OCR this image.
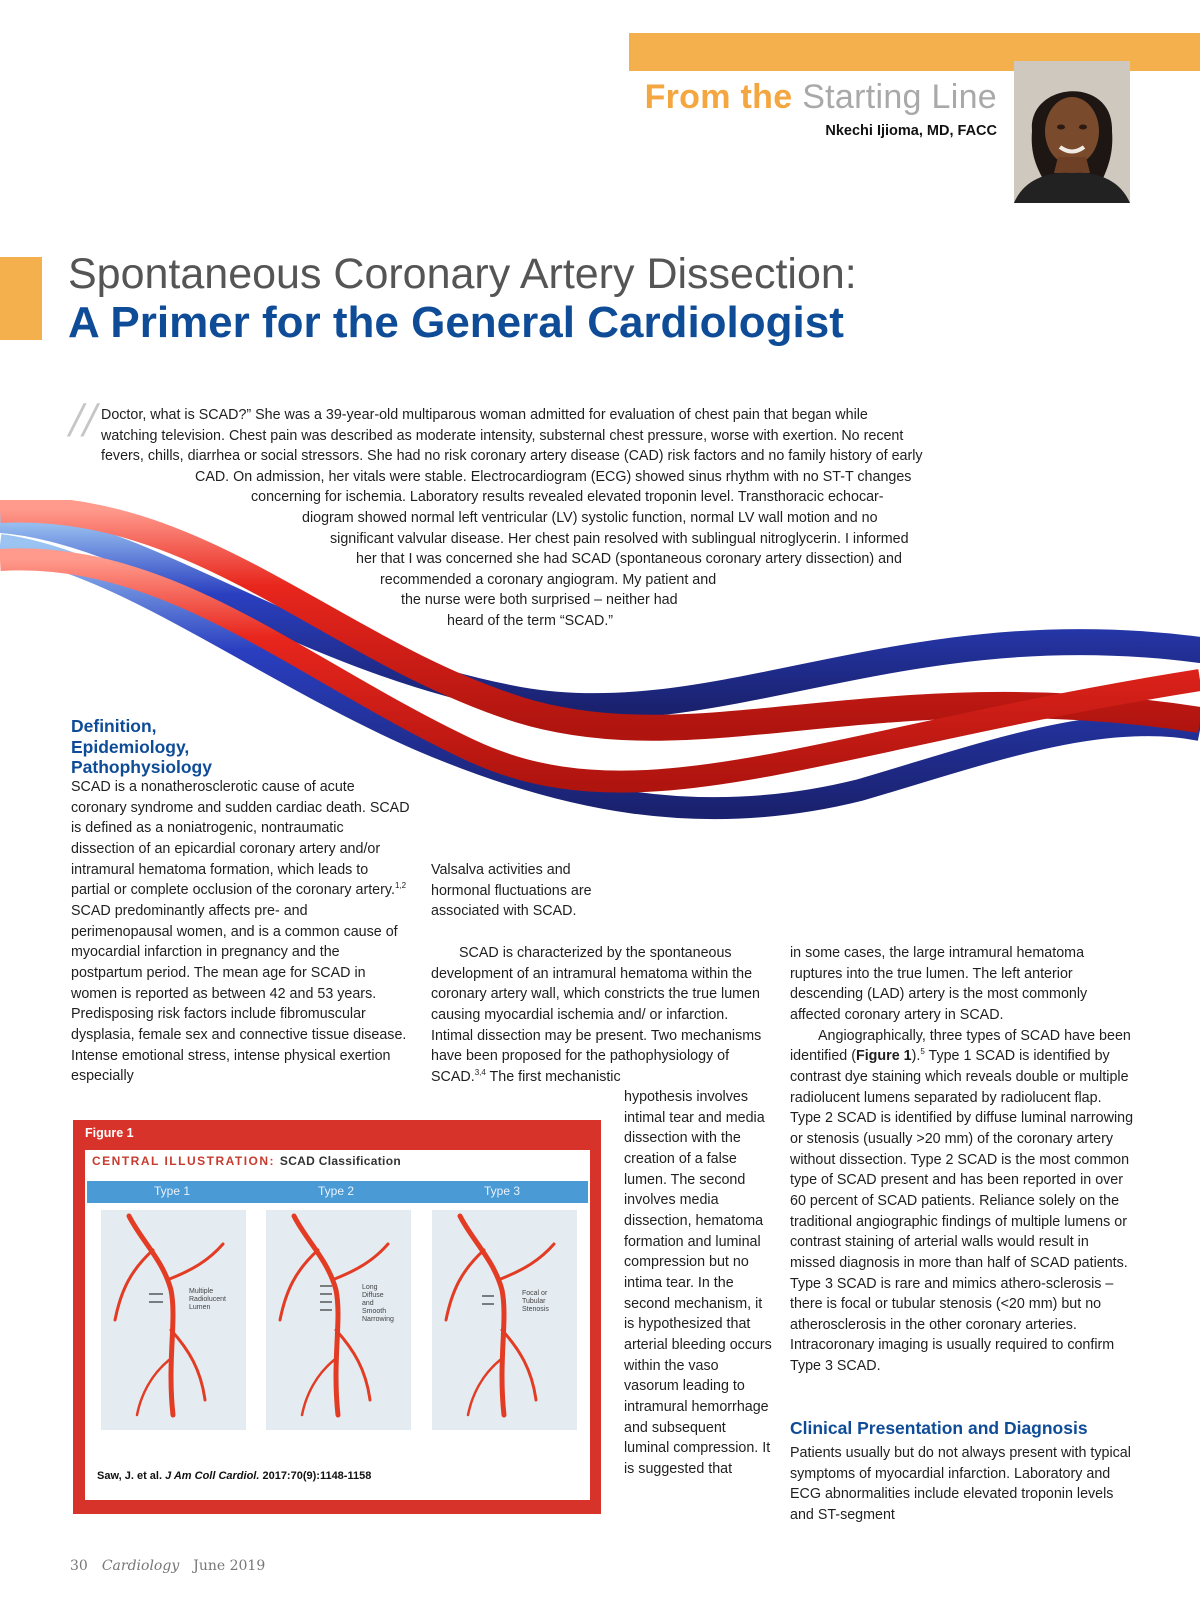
From the Starting Line
Nkechi Ijioma, MD, FACC
Spontaneous Coronary Artery Dissection:
A Primer for the General Cardiologist
// Doctor, what is SCAD?” She was a 39-year-old multiparous woman admitted for evaluation of chest pain that began while
watching television. Chest pain was described as moderate intensity, substernal chest pressure, worse with exertion. No recent
fevers, chills, diarrhea or social stressors. She had no risk coronary artery disease (CAD) risk factors and no family history of early
CAD. On admission, her vitals were stable. Electrocardiogram (ECG) showed sinus rhythm with no ST-T changes
concerning for ischemia. Laboratory results revealed elevated troponin level. Transthoracic echocar-
diogram showed normal left ventricular (LV) systolic function, normal LV wall motion and no
significant valvular disease. Her chest pain resolved with sublingual nitroglycerin. I informed
her that I was concerned she had SCAD (spontaneous coronary artery dissection) and
recommended a coronary angiogram. My patient and
the nurse were both surprised – neither had
heard of the term “SCAD.”
Definition,
Epidemiology,
Pathophysiology

SCAD is a nonatherosclerotic cause of acute coronary syndrome and sudden cardiac death. SCAD is defined as a noniatrogenic, nontraumatic dissection of an epicardial coronary artery and/or intramural hematoma formation, which leads to partial or complete occlusion of the coronary artery.$^{1,2}$ SCAD predominantly affects pre- and perimenopausal women, and is a common cause of myocardial infarction in pregnancy and the postpartum period. The mean age for SCAD in women is reported as between 42 and 53 years. Predisposing risk factors include fibromuscular dysplasia, female sex and connective tissue disease. Intense emotional stress, intense physical exertion especially

Valsalva activities and hormonal fluctuations are associated with SCAD.

SCAD is characterized by the spontaneous development of an intramural hematoma within the coronary artery wall, which constricts the true lumen causing myocardial ischemia and/ or infarction. Intimal dissection may be present. Two mechanisms have been proposed for the pathophysiology of SCAD.$^{3,4}$ The first mechanistic

hypothesis involves intimal tear and media dissection with the creation of a false lumen. The second involves media dissection, hematoma formation and luminal compression but no intima tear. In the second mechanism, it is hypothesized that arterial bleeding occurs within the vaso vasorum leading to intramural hemorrhage and subsequent luminal compression. It is suggested that

in some cases, the large intramural hematoma ruptures into the true lumen. The left anterior descending (LAD) artery is the most commonly affected coronary artery in SCAD.

Angiographically, three types of SCAD have been identified (Figure 1).$^5$ Type 1 SCAD is identified by contrast dye staining which reveals double or multiple radiolucent lumens separated by radiolucent flap. Type 2 SCAD is identified by diffuse luminal narrowing or stenosis (usually >20 mm) of the coronary artery without dissection. Type 2 SCAD is the most common type of SCAD present and has been reported in over 60 percent of SCAD patients. Reliance solely on the traditional angiographic findings of multiple lumens or contrast staining of arterial walls would result in missed diagnosis in more than half of SCAD patients. Type 3 SCAD is rare and mimics athero-sclerosis – there is focal or tubular stenosis (<20 mm) but no atherosclerosis in the other coronary arteries. Intracoronary imaging is usually required to confirm Type 3 SCAD.

Clinical Presentation and Diagnosis

Patients usually but do not always present with typical symptoms of myocardial infarction. Laboratory and ECG abnormalities include elevated troponin levels and ST-segment

Figure 1
CENTRAL ILLUSTRATION: SCAD Classification
Type 1	Type 2	Type 3
Multiple
Radiolucent
Lumen
Long
Diffuse
and
Smooth
Narrowing
Focal or
Tubular
Stenosis
Saw, J. et al. J Am Coll Cardiol. 2017:70(9):1148-1158
30 Cardiology June 2019
